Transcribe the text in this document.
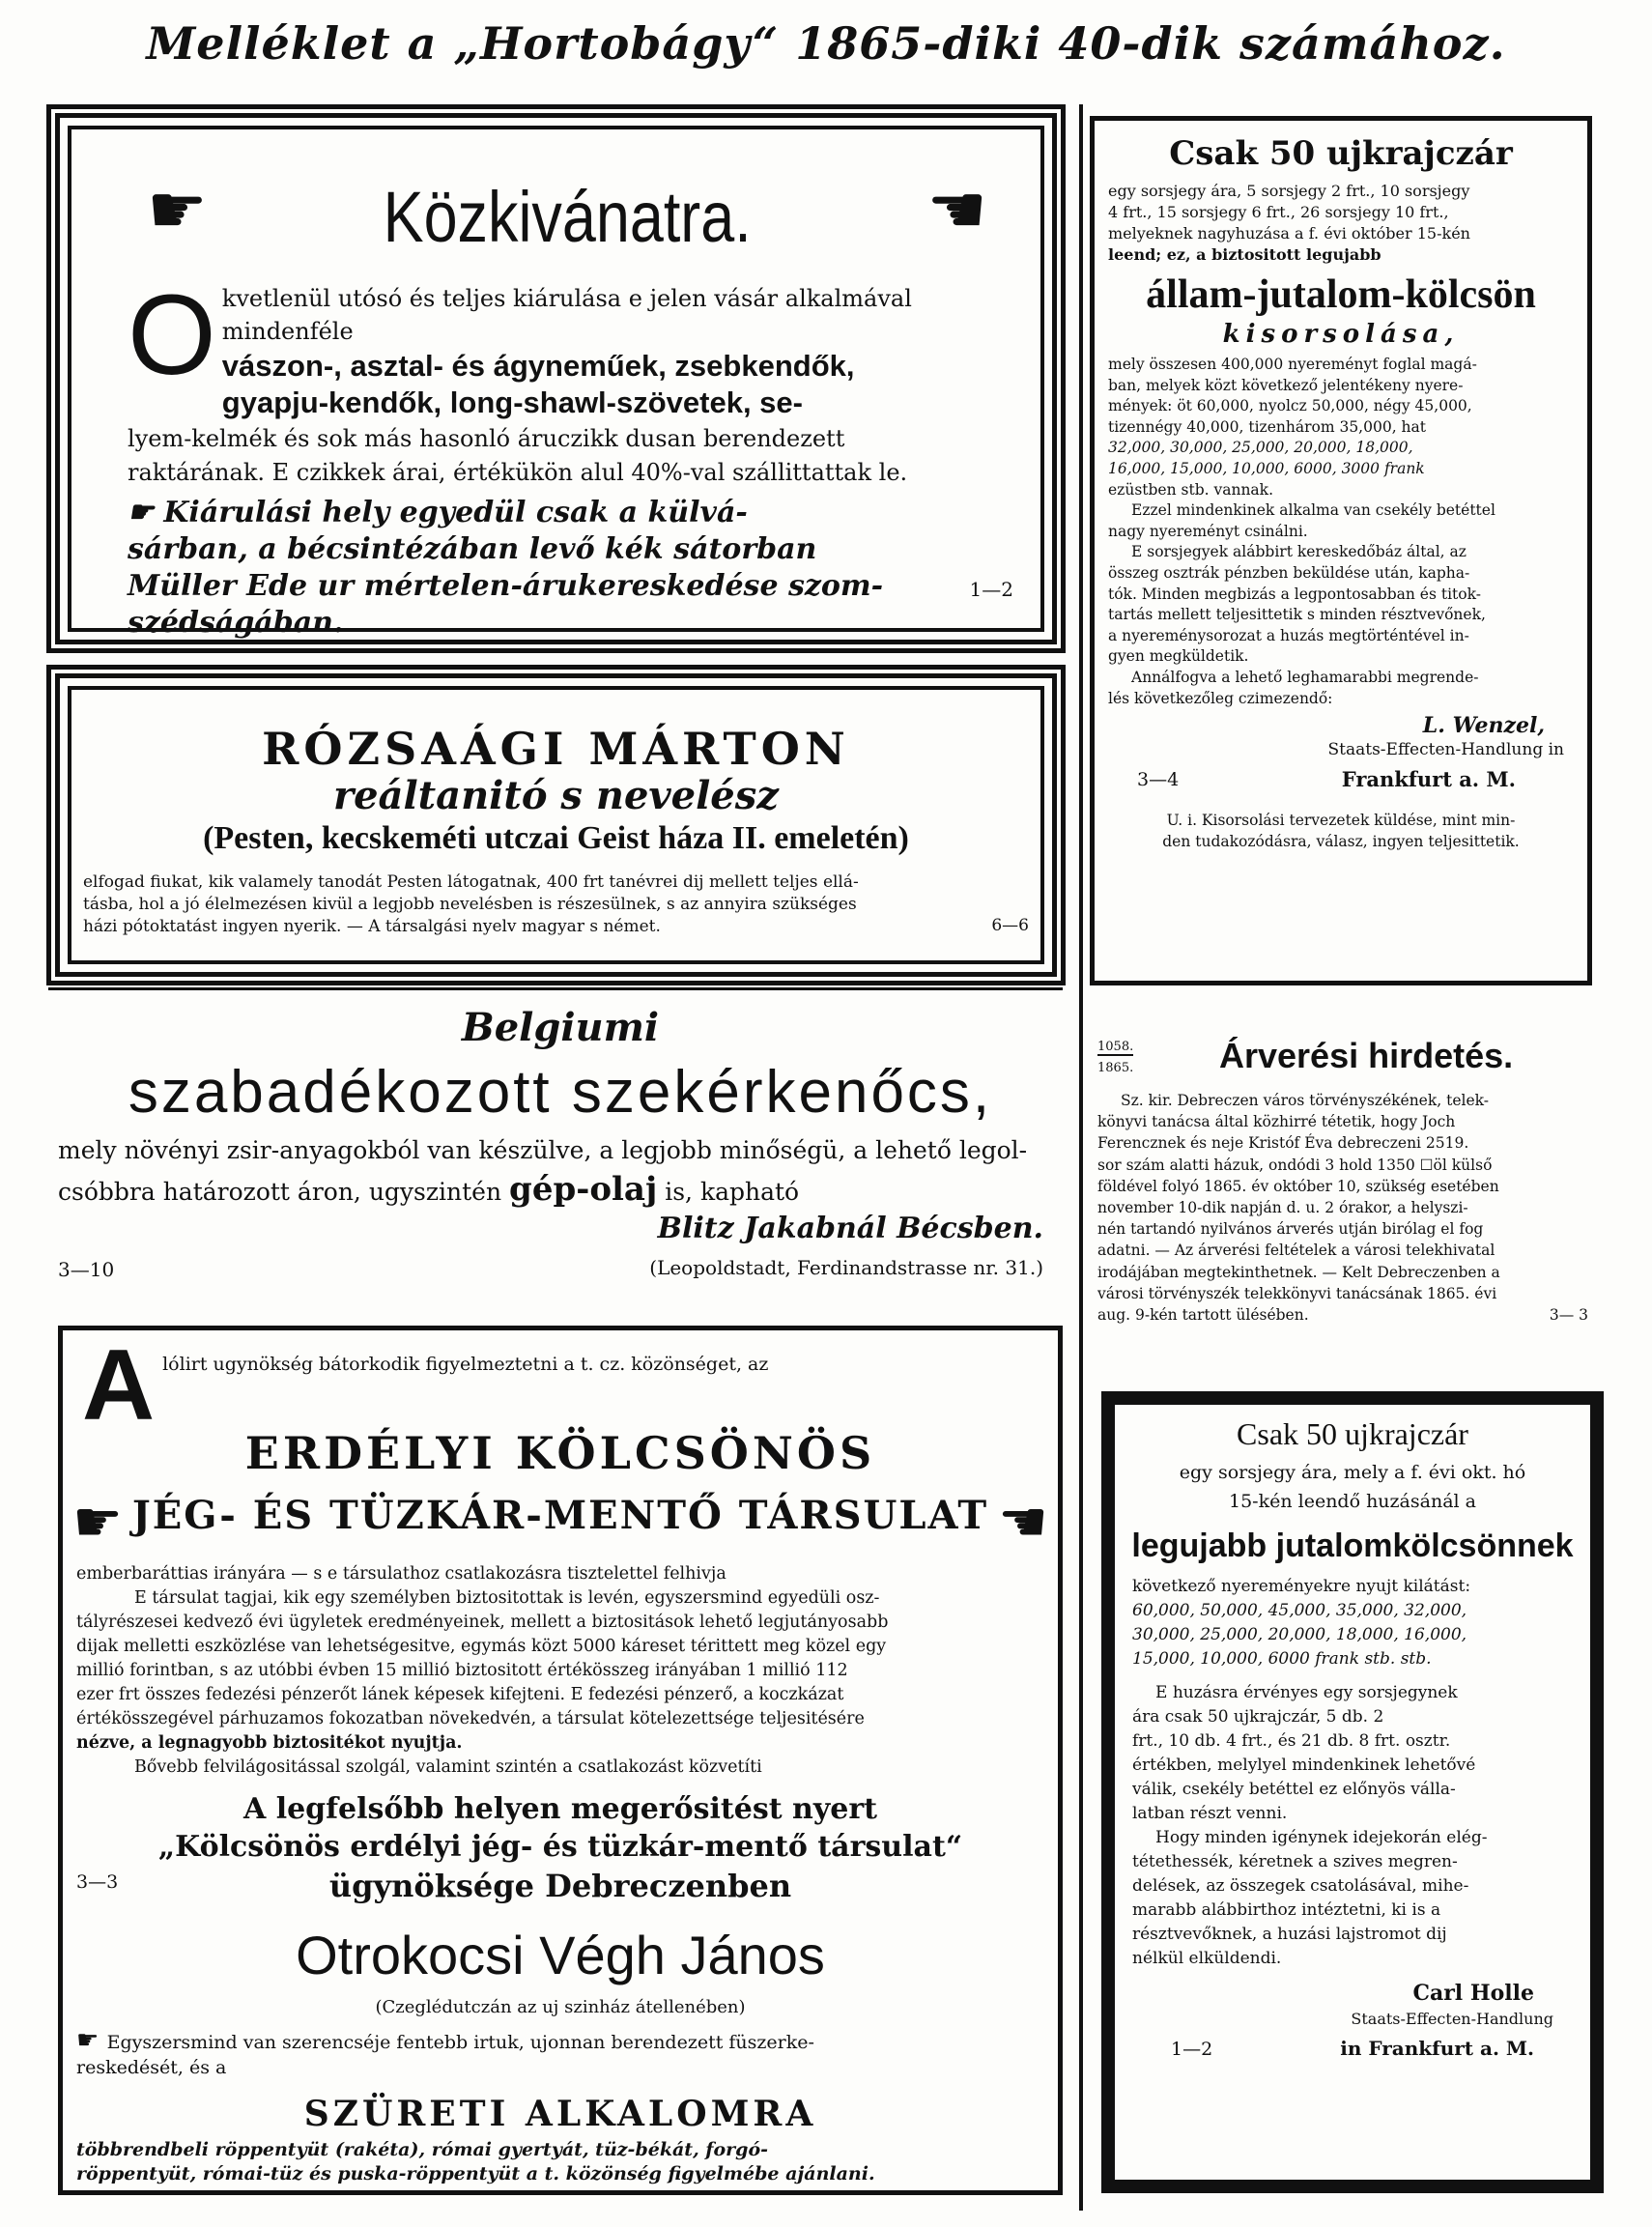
Melléklet a „Hortobágy“ 1865-diki 40-dik számához.
☛ Közkivánatra.	☚
O kvetlenül utósó és teljes kiárulása e jelen vásár alkalmával mindenféle

vászon-, asztal- és ágyneműek, zsebkendők,

gyapju-kendők, long-shawl-szövetek, se-

lyem-kelmék és sok más hasonló áruczikk dusan berendezett

raktárának. E czikkek árai, értékükön alul 40%-val szállittattak le.

☛ Kiárulási hely egyedül csak a külvá-

sárban, a bécsintézában levő kék sátorban

Müller Ede ur mértelen-árukereskedése szom-

szédságában.

1—2
RÓZSAÁGI MÁRTON
reáltanitó s nevelész
(Pesten, kecskeméti utczai Geist háza II. emeletén)

elfogad fiukat, kik valamely tanodát Pesten látogatnak, 400 frt tanévrei dij mellett teljes ellá-

tásba, hol a jó élelmezésen kivül a legjobb nevelésben is részesülnek, s az annyira szükséges

házi pótoktatást ingyen nyerik. — A társalgási nyelv magyar s német.	6—6
Belgiumi
szabadékozott szekérkenőcs,

mely növényi zsir-anyagokból van készülve, a legjobb minőségü, a lehető legol-

csóbbra határozott áron, ugyszintén gép-olaj is, kapható

Blitz Jakabnál Bécsben.
3—10	(Leopoldstadt, Ferdinandstrasse nr. 31.)
A lólirt ugynökség bátorkodik figyelmeztetni a t. cz. közönséget, az

ERDÉLYI KÖLCSÖNÖS
☛ JÉG- ÉS TÜZKÁR-MENTŐ TÁRSULAT ☚

emberbaráttias irányára — s e társulathoz csatlakozásra tisztelettel felhivja

E társulat tagjai, kik egy személyben biztositottak is levén, egyszersmind egyedüli osz-

tályrészesei kedvező évi ügyletek eredményeinek, mellett a biztositások lehető legjutányosabb

dijak melletti eszközlése van lehetségesitve, egymás közt 5000 káreset térittett meg közel egy

millió forintban, s az utóbbi évben 15 millió biztositott értékösszeg irányában 1 millió 112

ezer frt összes fedezési pénzerőt lánek képesek kifejteni. E fedezési pénzerő, a koczkázat

értékösszegével párhuzamos fokozatban növekedvén, a társulat kötelezettsége teljesitésére

nézve, a legnagyobb biztositékot nyujtja.

Bővebb felvilágositással szolgál, valamint szintén a csatlakozást közvetíti

A legfelsőbb helyen megerősitést nyert
„Kölcsönös erdélyi jég- és tüzkár-mentő társulat“
ügynöksége Debreczenben
3—3
Otrokocsi Végh János
(Czeglédutczán az uj szinház átellenében)

☛ Egyszersmind van szerencséje fentebb irtuk, ujonnan berendezett füszerke-

reskedését, és a

SZÜRETI ALKALOMRA

többrendbeli röppentyüt (rakéta), római gyertyát, tüz-békát, forgó-

röppentyüt, római-tüz és puska-röppentyüt a t. közönség figyelmébe ajánlani.

Csak 50 ujkrajczár

egy sorsjegy ára, 5 sorsjegy 2 frt., 10 sorsjegy

4 frt., 15 sorsjegy 6 frt., 26 sorsjegy 10 frt.,

melyeknek nagyhuzása a f. évi október 15-kén

leend; ez, a biztositott legujabb

állam-jutalom-kölcsön
kisorsolása,

mely összesen 400,000 nyereményt foglal magá-

ban, melyek közt következő jelentékeny nyere-

mények: öt 60,000, nyolcz 50,000, négy 45,000,

tizennégy 40,000, tizenhárom 35,000, hat

32,000, 30,000, 25,000, 20,000, 18,000,

16,000, 15,000, 10,000, 6000, 3000 frank

ezüstben stb. vannak.

Ezzel mindenkinek alkalma van csekély betéttel

nagy nyereményt csinálni.

E sorsjegyek alábbirt kereskedőbáz által, az

összeg osztrák pénzben beküldése után, kapha-

tók. Minden megbizás a legpontosabban és titok-

tartás mellett teljesittetik s minden résztvevőnek,

a nyereménysorozat a huzás megtörténtével in-

gyen megküldetik.

Annálfogva a lehető leghamarabbi megrende-

lés következőleg czimezendő:

L. Wenzel,
Staats-Effecten-Handlung in
3—4	Frankfurt a. M.

U. i. Kisorsolási tervezetek küldése, mint min-

den tudakozódásra, válasz, ingyen teljesittetik.

1058.
1865. Árverési hirdetés.

Sz. kir. Debreczen város törvényszékének, telek-

könyvi tanácsa által közhirré tétetik, hogy Joch

Ferencznek és neje Kristóf Éva debreczeni 2519.

sor szám alatti házuk, ondódi 3 hold 1350 ☐öl külső

földével folyó 1865. év október 10, szükség esetében

november 10-dik napján d. u. 2 órakor, a helyszi-

nén tartandó nyilvános árverés utján birólag el fog

adatni. — Az árverési feltételek a városi telekhivatal

irodájában megtekinthetnek. — Kelt Debreczenben a

városi törvényszék telekkönyvi tanácsának 1865. évi

aug. 9-kén tartott ülésében.	3— 3

Csak 50 ujkrajczár

egy sorsjegy ára, mely a f. évi okt. hó

15-kén leendő huzásánál a

legujabb jutalomkölcsönnek

következő nyereményekre nyujt kilátást:

60,000, 50,000, 45,000, 35,000, 32,000,

30,000, 25,000, 20,000, 18,000, 16,000,

15,000, 10,000, 6000 frank stb. stb.

E huzásra érvényes egy sorsjegynek

ára csak 50 ujkrajczár, 5 db. 2

frt., 10 db. 4 frt., és 21 db. 8 frt. osztr.

értékben, melylyel mindenkinek lehetővé

válik, csekély betéttel ez előnyös válla-

latban részt venni.

Hogy minden igénynek idejekorán elég-

tétethessék, kéretnek a szives megren-

delések, az összegek csatolásával, mihe-

marabb alábbirthoz intéztetni, ki is a

résztvevőknek, a huzási lajstromot dij

nélkül elküldendi.

Carl Holle
Staats-Effecten-Handlung
1—2	in Frankfurt a. M.
